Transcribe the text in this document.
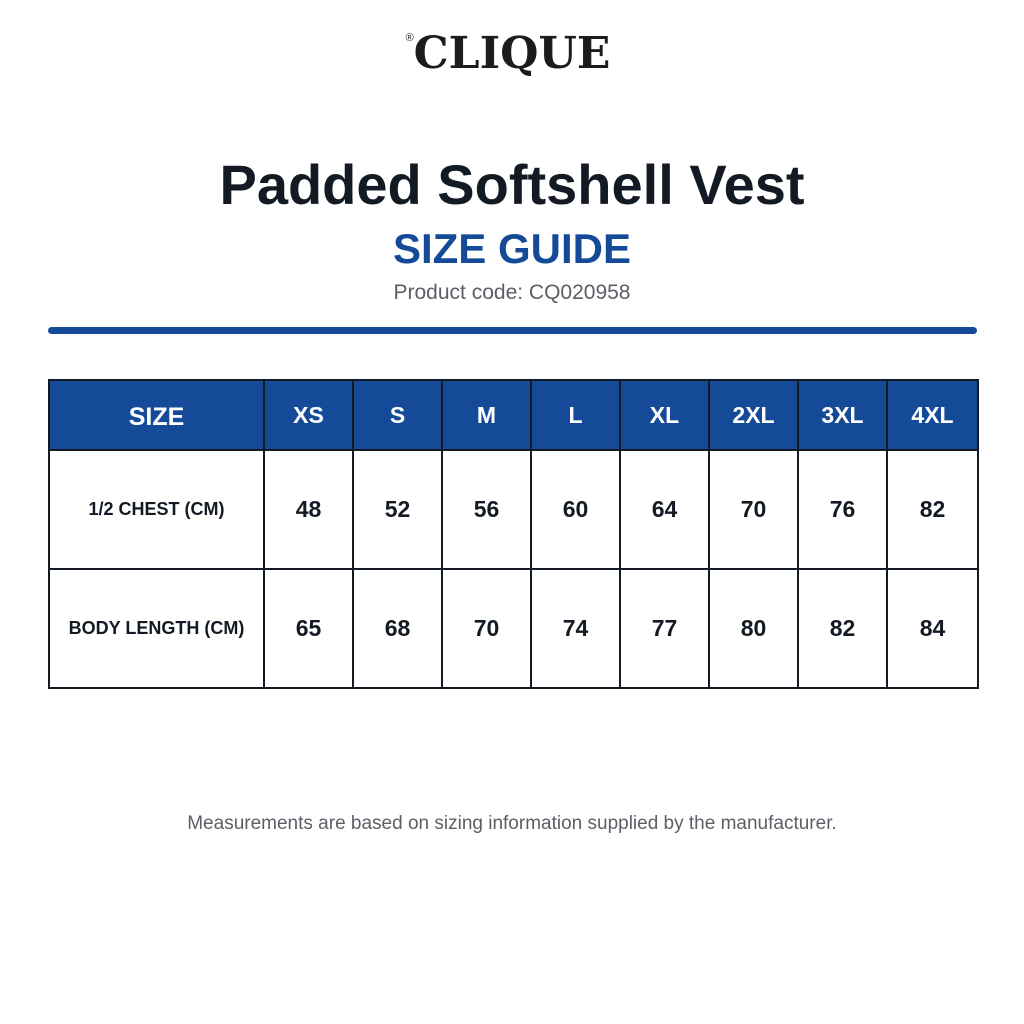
® CLIQUE
Padded Softshell Vest
SIZE GUIDE
Product code: CQ020958
SIZE	XS	S	M	L	XL	2XL	3XL	4XL
1/2 CHEST (CM)	48	52	56	60	64	70	76	82
BODY LENGTH (CM)	65	68	70	74	77	80	82	84
Measurements are based on sizing information supplied by the manufacturer.
